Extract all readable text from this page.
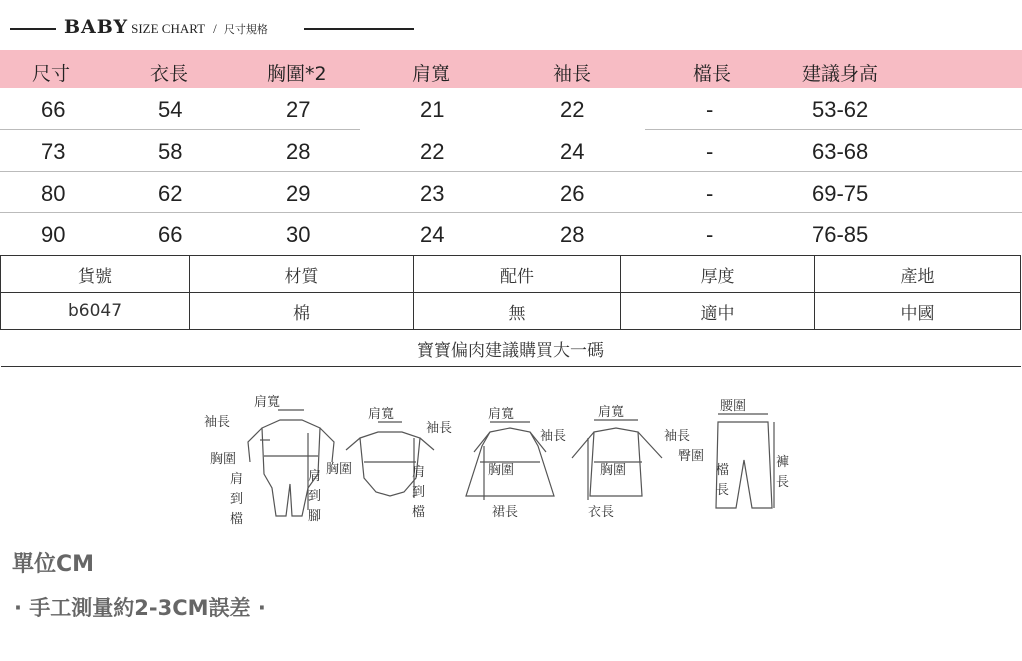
BABY SIZE CHART / 尺寸規格
尺寸	衣長	胸圍*2	肩寬	袖長	檔長	建議身高
66	54	27	21	22	-	53-62
73	58	28	22	24	-	63-68
80	62	29	23	26	-	69-75
90	66	30	24	28	-	76-85
貨號	材質	配件	厚度	產地
b6047	棉	無	適中	中國
寶寶偏肉建議購買大一碼				
肩寬
袖長
胸圍
肩
到
檔
肩
到
腳
肩寬
袖長
胸圍	肩
到
檔
肩寬
袖長
胸圍
裙長
肩寬
袖長
胸圍
衣長
腰圍
臀圍
檔
長
褲
長
單位CM
· 手工測量約2-3CM誤差 ·
